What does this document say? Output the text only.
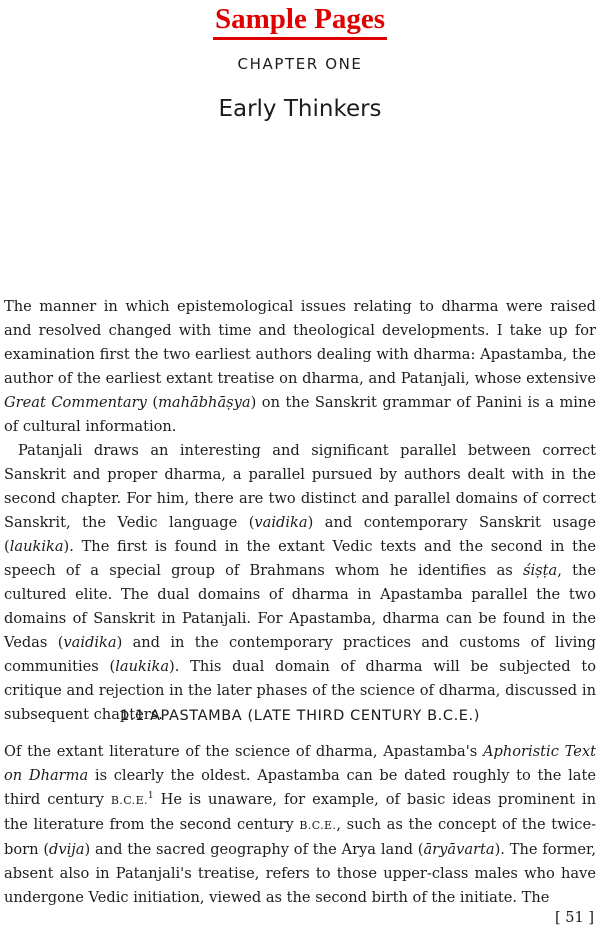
Sample Pages
CHAPTER ONE
Early Thinkers

The manner in which epistemological issues relating to dharma were raised and resolved changed with time and theological developments. I take up for examination first the two earliest authors dealing with dharma: Apastamba, the author of the earliest extant treatise on dharma, and Patanjali, whose extensive Great Commentary (mahābhāṣya) on the Sanskrit grammar of Panini is a mine of cultural information.

Patanjali draws an interesting and significant parallel between correct Sanskrit and proper dharma, a parallel pursued by authors dealt with in the second chapter. For him, there are two distinct and parallel domains of correct Sanskrit, the Vedic language (vaidika) and contemporary Sanskrit usage (laukika). The first is found in the extant Vedic texts and the second in the speech of a special group of Brahmans whom he identifies as śiṣṭa, the cultured elite. The dual domains of dharma in Apastamba parallel the two domains of Sanskrit in Patanjali. For Apastamba, dharma can be found in the Vedas (vaidika) and in the contemporary practices and customs of living communities (laukika). This dual domain of dharma will be subjected to critique and rejection in the later phases of the science of dharma, discussed in subsequent chapters.

1.1 APASTAMBA (LATE THIRD CENTURY B.C.E.)

Of the extant literature of the science of dharma, Apastamba's Aphoristic Text on Dharma is clearly the oldest. Apastamba can be dated roughly to the late third century B.C.E.$^1$ He is unaware, for example, of basic ideas prominent in the literature from the second century B.C.E., such as the concept of the twice-born (dvija) and the sacred geography of the Arya land (āryāvarta). The former, absent also in Patanjali's treatise, refers to those upper-class males who have undergone Vedic initiation, viewed as the second birth of the initiate. The

[ 51 ]
